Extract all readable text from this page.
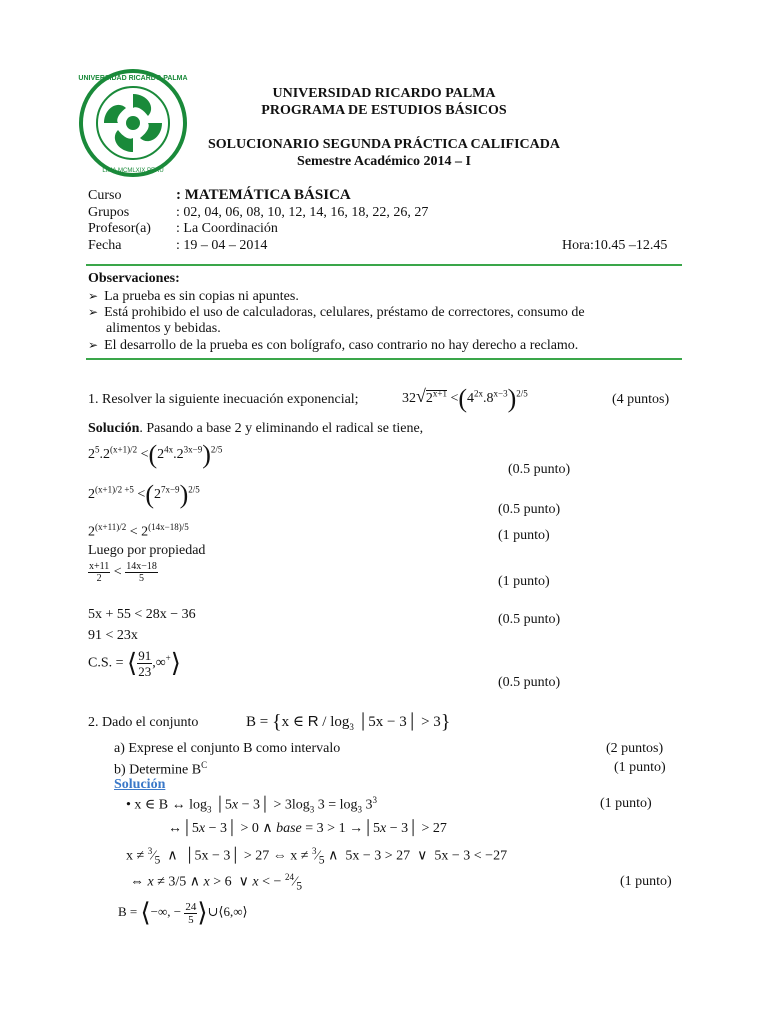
UNIVERSIDAD RICARDO PALMA
LIMA,MCMLXIX,PERU
UNIVERSIDAD RICARDO PALMA
PROGRAMA DE ESTUDIOS BÁSICOS
SOLUCIONARIO SEGUNDA PRÁCTICA CALIFICADA
Semestre Académico 2014 – I
Curso	: MATEMÁTICA BÁSICA
Grupos	: 02, 04, 06, 08, 10, 12, 14, 16, 18, 22, 26, 27
Profesor(a) : La Coordinación
Fecha	: 19 – 04 – 2014	Hora:10.45 –12.45
Observaciones:
➢ La prueba es sin copias ni apuntes.
➢ Está prohibido el uso de calculadoras, celulares, préstamo de correctores, consumo de
alimentos y bebidas.
➢ El desarrollo de la prueba es con bolígrafo, caso contrario no hay derecho a reclamo.
1. Resolver la siguiente inecuación exponencial;	$32√2^{x+1} <(4^{2x}.8^{x-3})^{2/5}$	(4 puntos)
Solución. Pasando a base 2 y eliminando el radical se tiene,
$2^5.2^{(x+1)/2} <(2^{4x}.2^{3x-9})^{2/5}$
(0.5 punto)
$2^{(x+1)/2 +5} <(2^{7x-9})^{2/5}$
(0.5 punto)
$2^{(x+11)/2} < 2^{(14x-18)/5}$
(1 punto)
Luego por propiedad
$\frac{x+11}{2} < \frac{14x-18}{5}$	(1 punto)
5x + 55 < 28x − 36	(0.5 punto)
91 < 23x
C.S. = ⟨ $\frac{91}{23}$ ,∞+⟩
(0.5 punto)
2. Dado el conjunto	B = {x ∈ R / $\log_3$ │5x − 3│ > 3}
a) Exprese el conjunto B como intervalo	(2 puntos)
b) Determine $B^C$	(1 punto)
Solución
• x ∈ B ↔ $\log_3$ │5x − 3│ > $3\log_3$ $3 = \log_3 3^3$	(1 punto)
↔│5x − 3│ > 0 ∧ base = 3 > 1 →│5x − 3│ > 27
$x \ne ^3⁄_5$  ∧  │5x − 3│ > 27 ⇔ $x \ne ^3⁄_5$ ∧  5x − 3 > 27  ∨  5x − 3 < −27
⇔ x ≠ 3/5 ∧ x > 6  ∨ x < − $^{24}⁄_5$	(1 punto)
B = ⟨−∞, − $\frac{24}{5}$ ⟩∪⟨6,∞⟩
